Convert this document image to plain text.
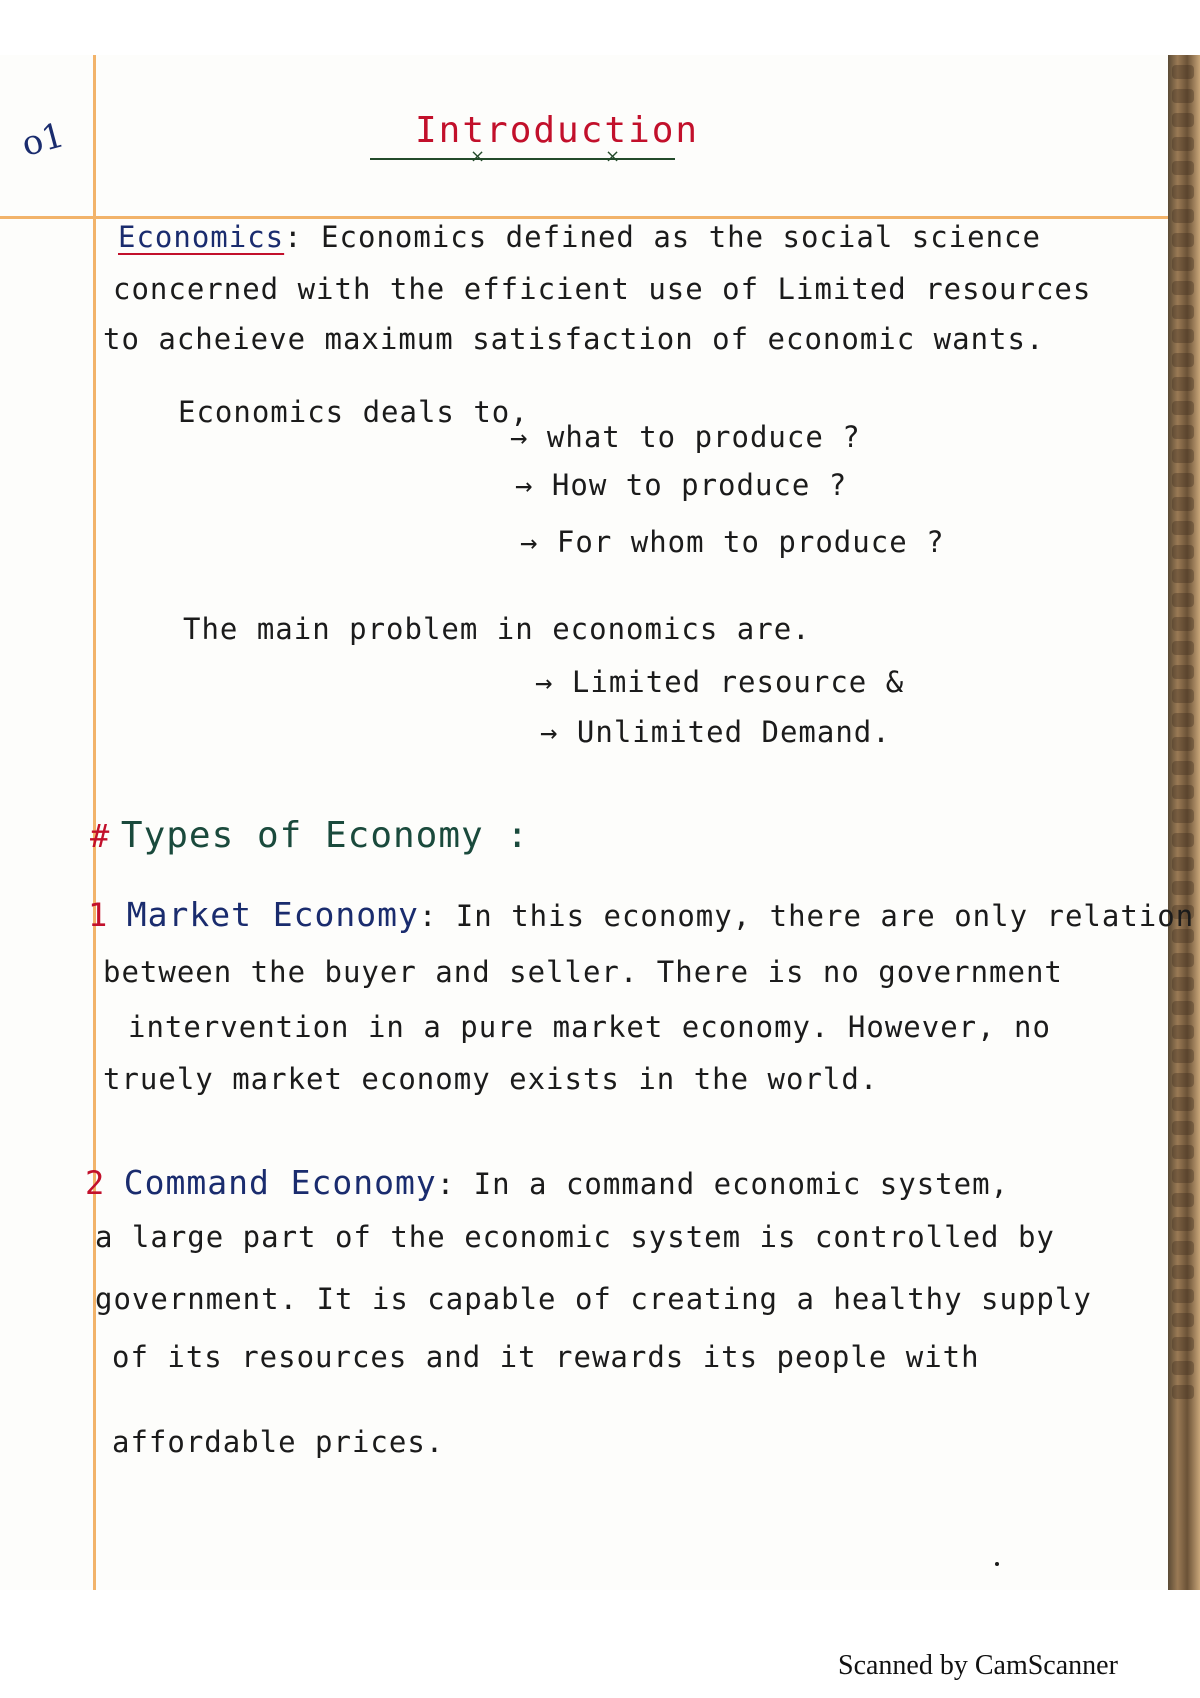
o1	Introduction
×	×
Economics: Economics defined as the social science
concerned with the efficient use of Limited resources
to acheieve maximum satisfaction of economic wants.
Economics deals to,
→ what to produce ?
→ How to produce ?
→ For whom to produce ?
The main problem in economics are.
→ Limited resource &
→ Unlimited Demand.
# Types of Economy :
1 Market Economy: In this economy, there are only relation
between the buyer and seller. There is no government
intervention in a pure market economy. However, no
truely market economy exists in the world.
2 Command Economy: In a command economic system,
a large part of the economic system is controlled by
government. It is capable of creating a healthy supply
of its resources and it rewards its people with
affordable prices.
Scanned by CamScanner
